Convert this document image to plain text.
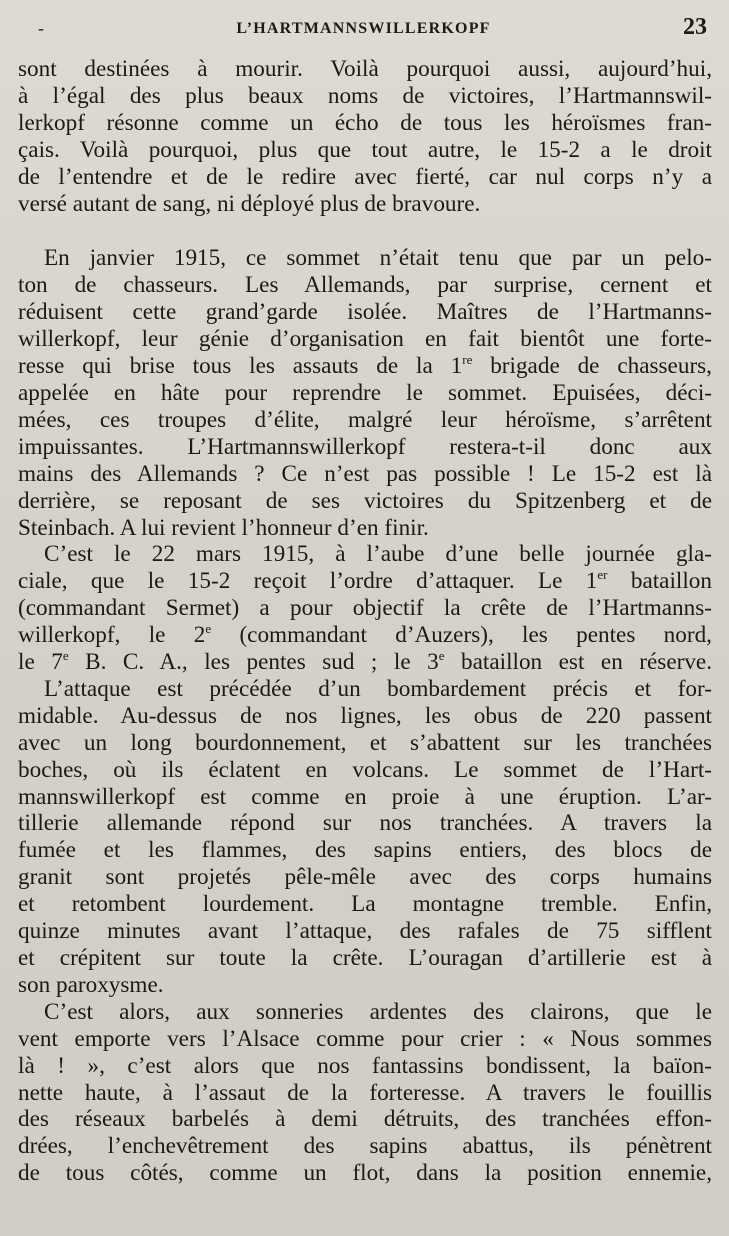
-	L’HARTMANNSWILLERKOPF	23

sont destinées à mourir. Voilà pourquoi aussi, aujourd’hui,
à l’égal des plus beaux noms de victoires, l’Hartmannswil-
lerkopf résonne comme un écho de tous les héroïsmes fran-
çais. Voilà pourquoi, plus que tout autre, le 15-2 a le droit
de l’entendre et de le redire avec fierté, car nul corps n’y a
versé autant de sang, ni déployé plus de bravoure.

En janvier 1915, ce sommet n’était tenu que par un pelo-
ton de chasseurs. Les Allemands, par surprise, cernent et
réduisent cette grand’garde isolée. Maîtres de l’Hartmanns-
willerkopf, leur génie d’organisation en fait bientôt une forte-
resse qui brise tous les assauts de la 1re brigade de chasseurs,
appelée en hâte pour reprendre le sommet. Epuisées, déci-
mées, ces troupes d’élite, malgré leur héroïsme, s’arrêtent
impuissantes. L’Hartmannswillerkopf restera-t-il donc aux
mains des Allemands ? Ce n’est pas possible ! Le 15-2 est là
derrière, se reposant de ses victoires du Spitzenberg et de
Steinbach. A lui revient l’honneur d’en finir.

C’est le 22 mars 1915, à l’aube d’une belle journée gla-
ciale, que le 15-2 reçoit l’ordre d’attaquer. Le 1er bataillon
(commandant Sermet) a pour objectif la crête de l’Hartmanns-
willerkopf, le 2e (commandant d’Auzers), les pentes nord,
le 7e B. C. A., les pentes sud ; le 3e bataillon est en réserve.

L’attaque est précédée d’un bombardement précis et for-
midable. Au-dessus de nos lignes, les obus de 220 passent
avec un long bourdonnement, et s’abattent sur les tranchées
boches, où ils éclatent en volcans. Le sommet de l’Hart-
mannswillerkopf est comme en proie à une éruption. L’ar-
tillerie allemande répond sur nos tranchées. A travers la
fumée et les flammes, des sapins entiers, des blocs de
granit sont projetés pêle-mêle avec des corps humains
et retombent lourdement. La montagne tremble. Enfin,
quinze minutes avant l’attaque, des rafales de 75 sifflent
et crépitent sur toute la crête. L’ouragan d’artillerie est à
son paroxysme.

C’est alors, aux sonneries ardentes des clairons, que le
vent emporte vers l’Alsace comme pour crier : « Nous sommes
là ! », c’est alors que nos fantassins bondissent, la baïon-
nette haute, à l’assaut de la forteresse. A travers le fouillis
des réseaux barbelés à demi détruits, des tranchées effon-
drées, l’enchevêtrement des sapins abattus, ils pénètrent
de tous côtés, comme un flot, dans la position ennemie,
